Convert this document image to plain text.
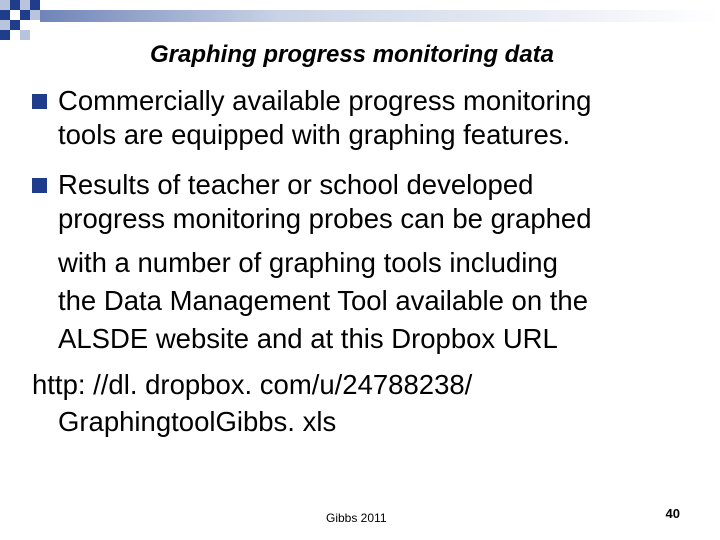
Graphing progress monitoring data
Commercially available progress monitoring
tools are equipped with graphing features.
Results of teacher or school developed
progress monitoring probes can be graphed
with a number of graphing tools including
the Data Management Tool available on the
ALSDE website and at this Dropbox URL
http: //dl. dropbox. com/u/24788238/
GraphingtoolGibbs. xls
Gibbs 2011	40
